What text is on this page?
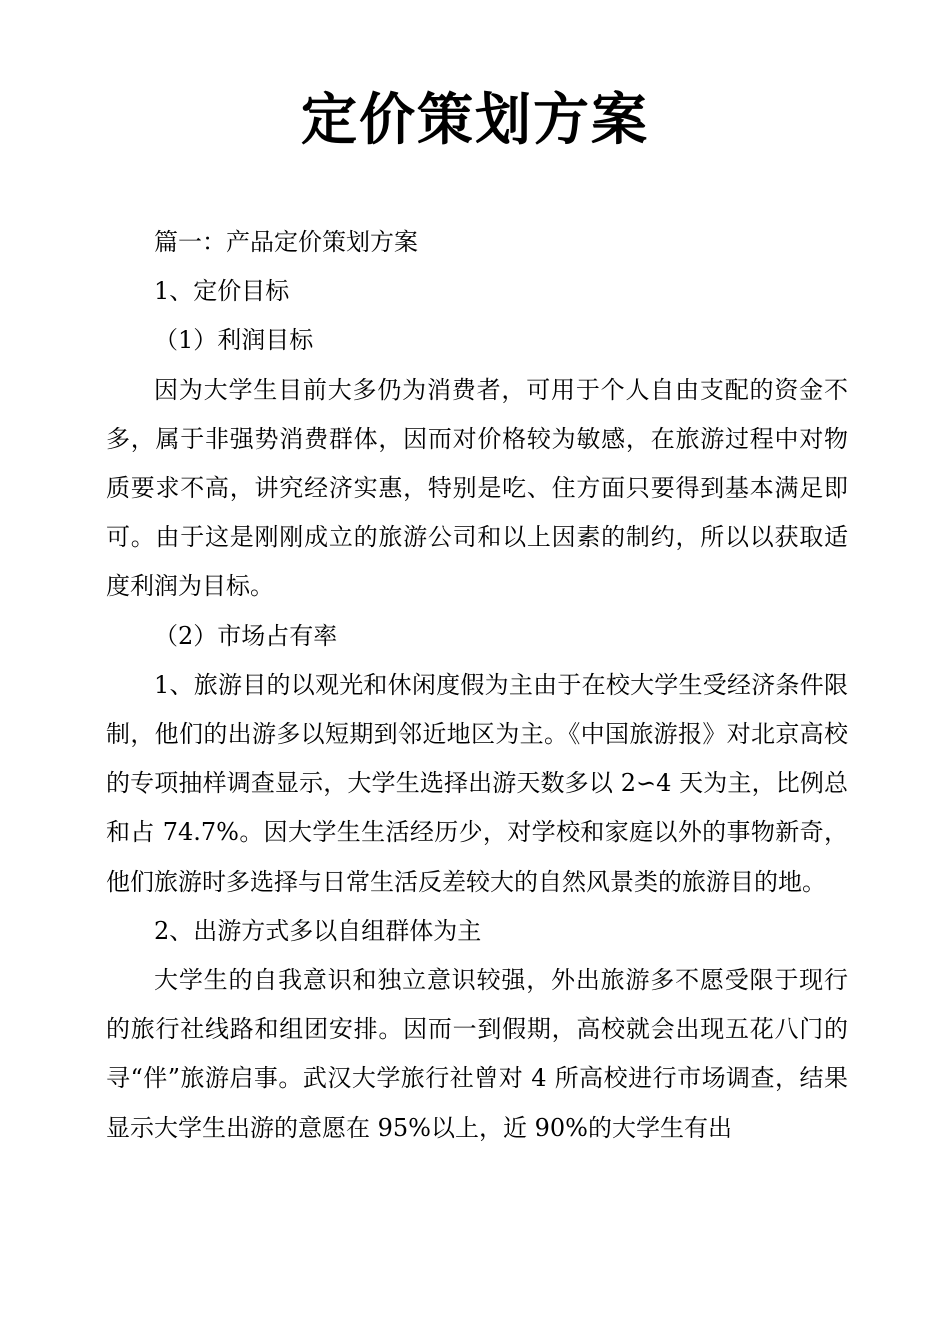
定价策划方案

篇一：产品定价策划方案

1、定价目标

（1）利润目标

因为大学生目前大多仍为消费者，可用于个人自由支配的资金不多，属于非强势消费群体，因而对价格较为敏感，在旅游过程中对物质要求不高，讲究经济实惠，特别是吃、住方面只要得到基本满足即可。由于这是刚刚成立的旅游公司和以上因素的制约，所以以获取适度利润为目标。

（2）市场占有率

1、旅游目的以观光和休闲度假为主由于在校大学生受经济条件限制，他们的出游多以短期到邻近地区为主。《中国旅游报》对北京高校的专项抽样调查显示，大学生选择出游天数多以 2∽4 天为主，比例总和占 74.7%。因大学生生活经历少，对学校和家庭以外的事物新奇，他们旅游时多选择与日常生活反差较大的自然风景类的旅游目的地。

2、出游方式多以自组群体为主

大学生的自我意识和独立意识较强，外出旅游多不愿受限于现行的旅行社线路和组团安排。因而一到假期，高校就会出现五花八门的寻“伴”旅游启事。武汉大学旅行社曾对 4 所高校进行市场调查，结果显示大学生出游的意愿在 95%以上，近 90%的大学生有出
